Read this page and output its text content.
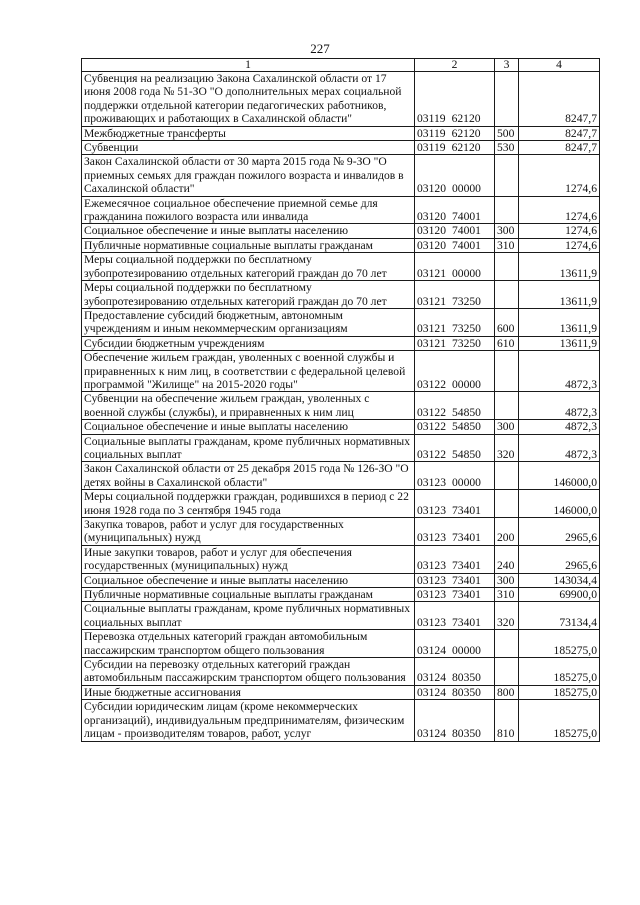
227
1	2	3	4
Субвенция на реализацию Закона Сахалинской области от 17 июня 2008 года № 51-ЗО "О дополнительных мерах социальной поддержки отдельной категории педагогических работников, проживающих и работающих в Сахалинской области"	03119 62120		8247,7
Межбюджетные трансферты	03119 62120	500	8247,7
Субвенции	03119 62120	530	8247,7
Закон Сахалинской области от 30 марта 2015 года № 9-ЗО "О приемных семьях для граждан пожилого возраста и инвалидов в Сахалинской области"	03120 00000		1274,6
Ежемесячное социальное обеспечение приемной семье для гражданина пожилого возраста или инвалида	03120 74001		1274,6
Социальное обеспечение и иные выплаты населению	03120 74001	300	1274,6
Публичные нормативные социальные выплаты гражданам	03120 74001	310	1274,6
Меры социальной поддержки по бесплатному зубопротезированию отдельных категорий граждан до 70 лет	03121 00000		13611,9
Меры социальной поддержки по бесплатному зубопротезированию отдельных категорий граждан до 70 лет	03121 73250		13611,9
Предоставление субсидий бюджетным, автономным учреждениям и иным некоммерческим организациям	03121 73250	600	13611,9
Субсидии бюджетным учреждениям	03121 73250	610	13611,9
Обеспечение жильем граждан, уволенных с военной службы и приравненных к ним лиц, в соответствии с федеральной целевой программой "Жилище" на 2015-2020 годы"	03122 00000		4872,3
Субвенции на обеспечение жильем граждан, уволенных с военной службы (службы), и приравненных к ним лиц	03122 54850		4872,3
Социальное обеспечение и иные выплаты населению	03122 54850	300	4872,3
Социальные выплаты гражданам, кроме публичных нормативных социальных выплат	03122 54850	320	4872,3
Закон Сахалинской области от 25 декабря 2015 года № 126-ЗО "О детях войны в Сахалинской области"	03123 00000		146000,0
Меры социальной поддержки граждан, родившихся в период с 22 июня 1928 года по 3 сентября 1945 года	03123 73401		146000,0
Закупка товаров, работ и услуг для государственных (муниципальных) нужд	03123 73401	200	2965,6
Иные закупки товаров, работ и услуг для обеспечения государственных (муниципальных) нужд	03123 73401	240	2965,6
Социальное обеспечение и иные выплаты населению	03123 73401	300	143034,4
Публичные нормативные социальные выплаты гражданам	03123 73401	310	69900,0
Социальные выплаты гражданам, кроме публичных нормативных социальных выплат	03123 73401	320	73134,4
Перевозка отдельных категорий граждан автомобильным пассажирским транспортом общего пользования	03124 00000		185275,0
Субсидии на перевозку отдельных категорий граждан автомобильным пассажирским транспортом общего пользования	03124 80350		185275,0
Иные бюджетные ассигнования	03124 80350	800	185275,0
Субсидии юридическим лицам (кроме некоммерческих организаций), индивидуальным предпринимателям, физическим лицам - производителям товаров, работ, услуг	03124 80350	810	185275,0
